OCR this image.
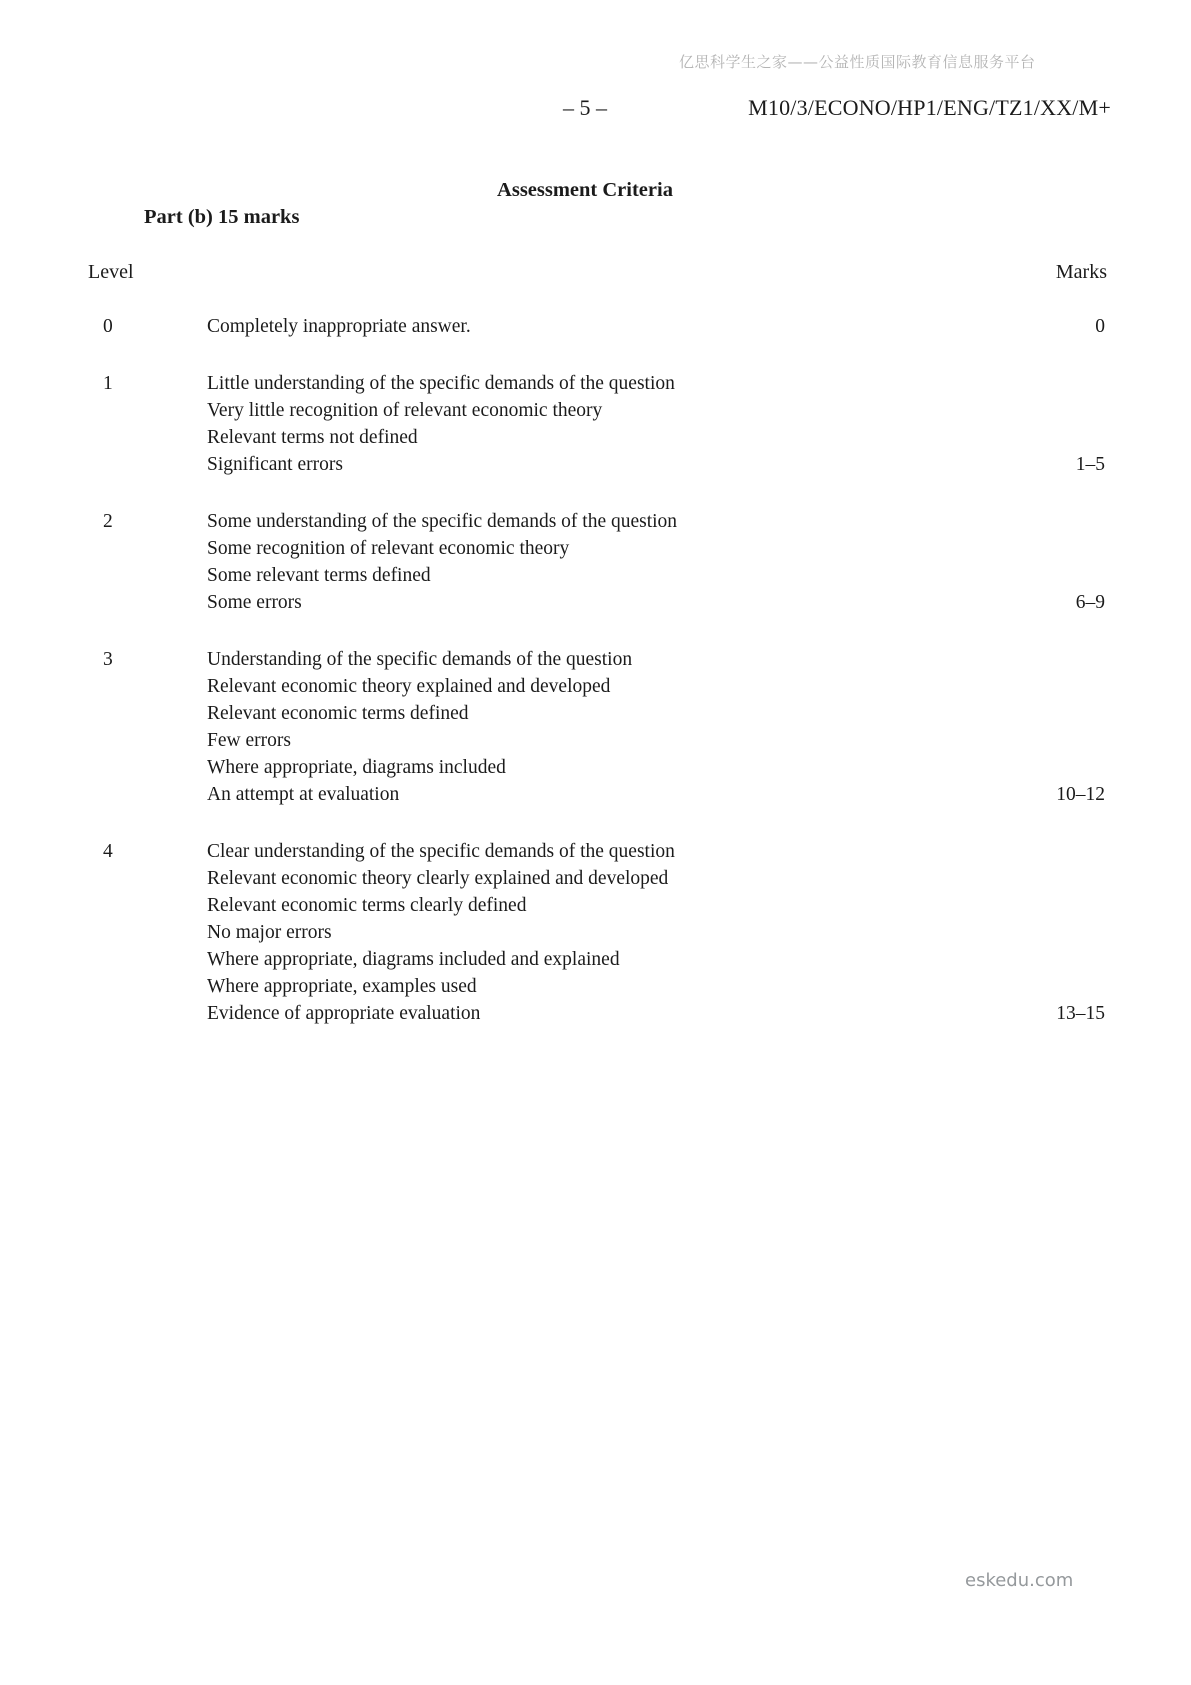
亿思科学生之家——公益性质国际教育信息服务平台
– 5 –	M10/3/ECONO/HP1/ENG/TZ1/XX/M+
Assessment Criteria
Part (b) 15 marks
Level	Marks
0	Completely inappropriate answer.	0
1	Little understanding of the specific demands of the question
Very little recognition of relevant economic theory
Relevant terms not defined
Significant errors	1–5
2	Some understanding of the specific demands of the question
Some recognition of relevant economic theory
Some relevant terms defined
Some errors	6–9
3	Understanding of the specific demands of the question
Relevant economic theory explained and developed
Relevant economic terms defined
Few errors
Where appropriate, diagrams included
An attempt at evaluation	10–12
4	Clear understanding of the specific demands of the question
Relevant economic theory clearly explained and developed
Relevant economic terms clearly defined
No major errors
Where appropriate, diagrams included and explained
Where appropriate, examples used
Evidence of appropriate evaluation	13–15
eskedu.com
